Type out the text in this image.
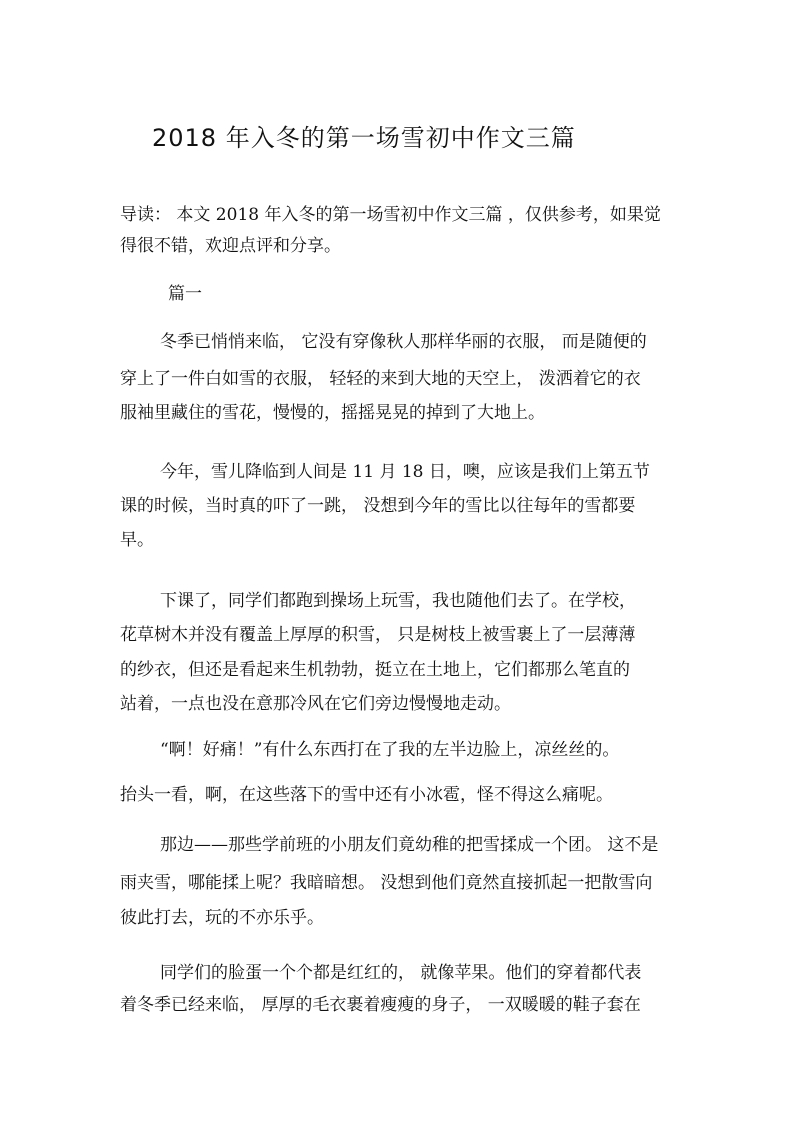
2018 年入冬的第一场雪初中作文三篇
导读： 本文 2018 年入冬的第一场雪初中作文三篇 ，仅供参考，如果觉
得很不错，欢迎点评和分享。
篇一
冬季已悄悄来临， 它没有穿像秋人那样华丽的衣服， 而是随便的
穿上了一件白如雪的衣服， 轻轻的来到大地的天空上， 泼洒着它的衣
服袖里藏住的雪花，慢慢的，摇摇晃晃的掉到了大地上。
今年，雪儿降临到人间是 11 月 18 日，噢，应该是我们上第五节
课的时候，当时真的吓了一跳， 没想到今年的雪比以往每年的雪都要
早。
下课了，同学们都跑到操场上玩雪，我也随他们去了。在学校，
花草树木并没有覆盖上厚厚的积雪， 只是树枝上被雪裹上了一层薄薄
的纱衣，但还是看起来生机勃勃，挺立在土地上，它们都那么笔直的
站着，一点也没在意那冷风在它们旁边慢慢地走动。
“啊！好痛！”有什么东西打在了我的左半边脸上，凉丝丝的。
抬头一看，啊，在这些落下的雪中还有小冰雹，怪不得这么痛呢。
那边——那些学前班的小朋友们竟幼稚的把雪揉成一个团。 这不是
雨夹雪，哪能揉上呢？我暗暗想。 没想到他们竟然直接抓起一把散雪向
彼此打去，玩的不亦乐乎。
同学们的脸蛋一个个都是红红的， 就像苹果。他们的穿着都代表
着冬季已经来临， 厚厚的毛衣裹着瘦瘦的身子， 一双暖暖的鞋子套在
